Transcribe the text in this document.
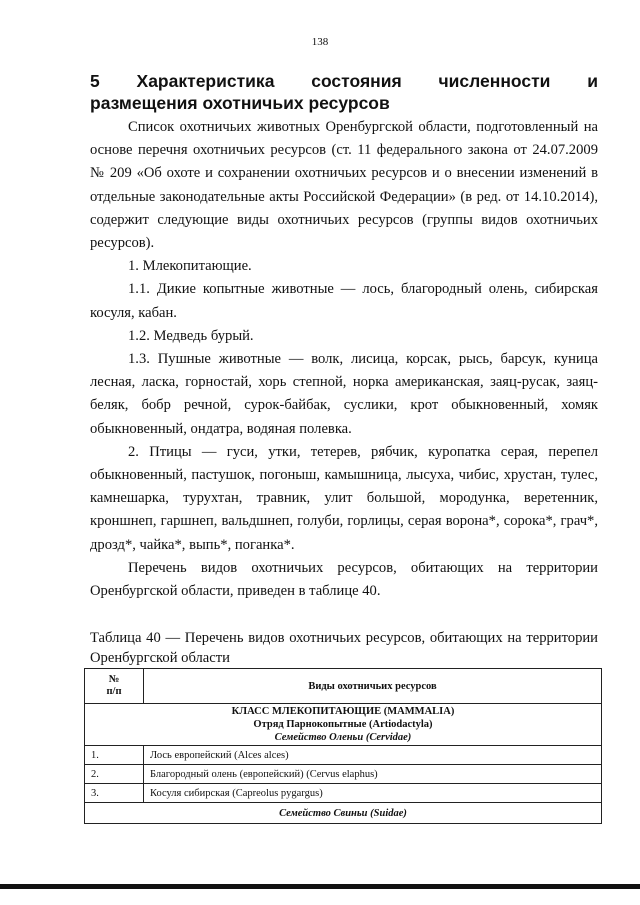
138
5 Характеристика состояния численности и
размещения охотничьих ресурсов

Список охотничьих животных Оренбургской области, подготовленный на основе перечня охотничьих ресурсов (ст. 11 федерального закона от 24.07.2009 № 209 «Об охоте и сохранении охотничьих ресурсов и о внесении изменений в отдельные законодательные акты Российской Федерации» (в ред. от 14.10.2014), содержит следующие виды охотничьих ресурсов (группы видов охотничьих ресурсов).

1. Млекопитающие.

1.1. Дикие копытные животные — лось, благородный олень, сибирская косуля, кабан.

1.2. Медведь бурый.

1.3. Пушные животные — волк, лисица, корсак, рысь, барсук, куница лесная, ласка, горностай, хорь степной, норка американская, заяц-русак, заяц-беляк, бобр речной, сурок-байбак, суслики, крот обыкновенный, хомяк обыкновенный, ондатра, водяная полевка.

2. Птицы — гуси, утки, тетерев, рябчик, куропатка серая, перепел обыкновенный, пастушок, погоныш, камышница, лысуха, чибис, хрустан, тулес, камнешарка, турухтан, травник, улит большой, мородунка, веретенник, кроншнеп, гаршнеп, вальдшнеп, голуби, горлицы, серая ворона*, сорока*, грач*, дрозд*, чайка*, выпь*, поганка*.

Перечень видов охотничьих ресурсов, обитающих на территории Оренбургской области, приведен в таблице 40.

Таблица 40 — Перечень видов охотничьих ресурсов, обитающих на территории Оренбургской области
№
п/п	Виды охотничьих ресурсов

КЛАСС МЛЕКОПИТАЮЩИЕ (MAMMALIA)
Отряд Парнокопытные (Artiodactyla)
Семейство Оленьи (Cervidae)	

1.	Лось европейский (Alces alces)
2.	Благородный олень (европейский) (Cervus elaphus)
3.	Косуля сибирская (Capreolus pygargus)
Семейство Свиньи (Suidae)	
